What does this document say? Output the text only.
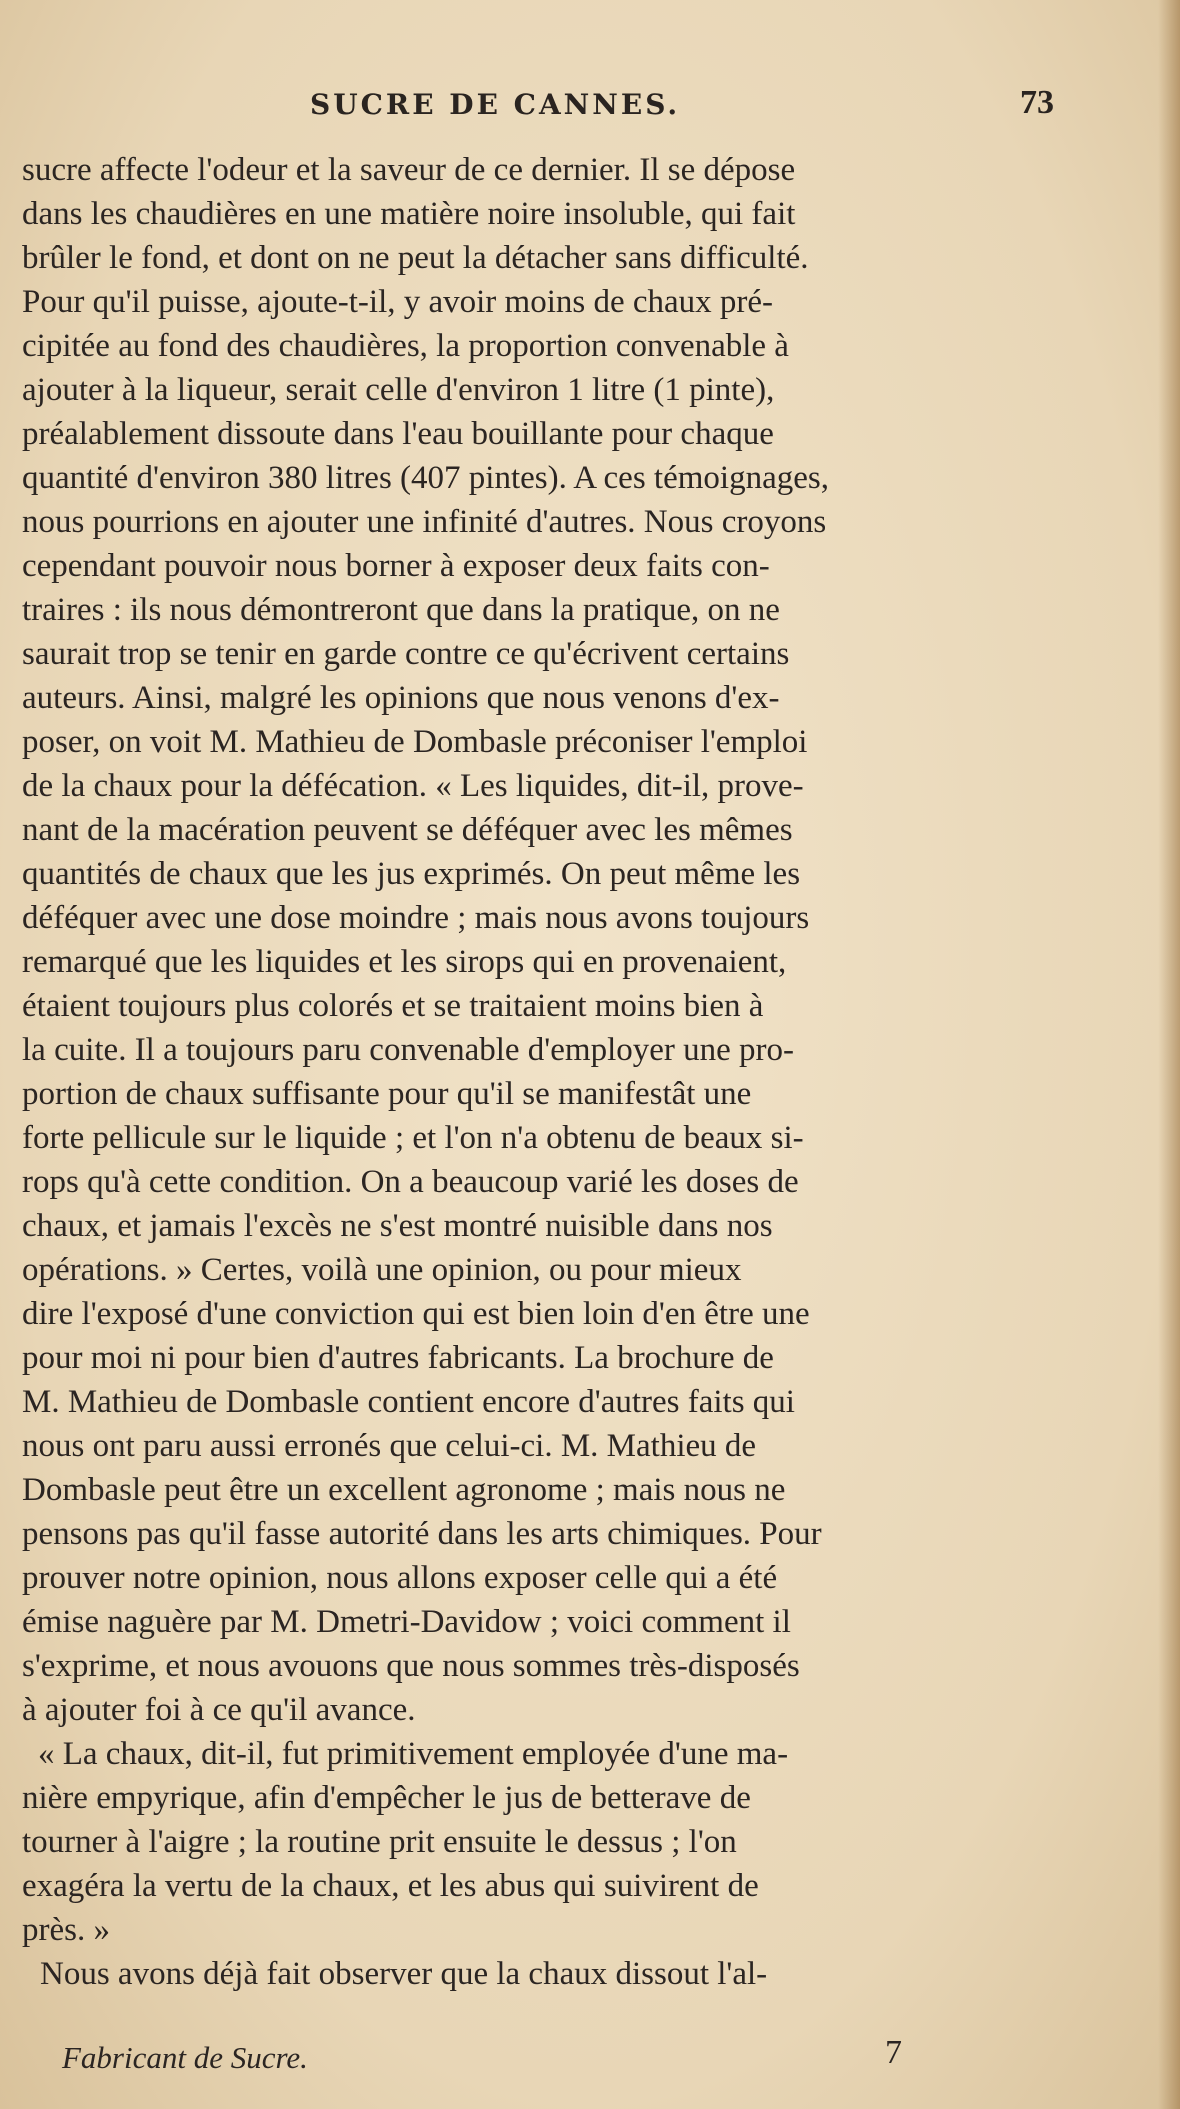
SUCRE DE CANNES.	73
sucre affecte l'odeur et la saveur de ce dernier. Il se dépose
dans les chaudières en une matière noire insoluble, qui fait
brûler le fond, et dont on ne peut la détacher sans difficulté.
Pour qu'il puisse, ajoute-t-il, y avoir moins de chaux pré-
cipitée au fond des chaudières, la proportion convenable à
ajouter à la liqueur, serait celle d'environ 1 litre (1 pinte),
préalablement dissoute dans l'eau bouillante pour chaque
quantité d'environ 380 litres (407 pintes). A ces témoignages,
nous pourrions en ajouter une infinité d'autres. Nous croyons
cependant pouvoir nous borner à exposer deux faits con-
traires : ils nous démontreront que dans la pratique, on ne
saurait trop se tenir en garde contre ce qu'écrivent certains
auteurs. Ainsi, malgré les opinions que nous venons d'ex-
poser, on voit M. Mathieu de Dombasle préconiser l'emploi
de la chaux pour la défécation. « Les liquides, dit-il, prove-
nant de la macération peuvent se déféquer avec les mêmes
quantités de chaux que les jus exprimés. On peut même les
déféquer avec une dose moindre ; mais nous avons toujours
remarqué que les liquides et les sirops qui en provenaient,
étaient toujours plus colorés et se traitaient moins bien à
la cuite. Il a toujours paru convenable d'employer une pro-
portion de chaux suffisante pour qu'il se manifestât une
forte pellicule sur le liquide ; et l'on n'a obtenu de beaux si-
rops qu'à cette condition. On a beaucoup varié les doses de
chaux, et jamais l'excès ne s'est montré nuisible dans nos
opérations. » Certes, voilà une opinion, ou pour mieux
dire l'exposé d'une conviction qui est bien loin d'en être une
pour moi ni pour bien d'autres fabricants. La brochure de
M. Mathieu de Dombasle contient encore d'autres faits qui
nous ont paru aussi erronés que celui-ci. M. Mathieu de
Dombasle peut être un excellent agronome ; mais nous ne
pensons pas qu'il fasse autorité dans les arts chimiques. Pour
prouver notre opinion, nous allons exposer celle qui a été
émise naguère par M. Dmetri-Davidow ; voici comment il
s'exprime, et nous avouons que nous sommes très-disposés
à ajouter foi à ce qu'il avance.
« La chaux, dit-il, fut primitivement employée d'une ma-
nière empyrique, afin d'empêcher le jus de betterave de
tourner à l'aigre ; la routine prit ensuite le dessus ; l'on
exagéra la vertu de la chaux, et les abus qui suivirent de
près. »
Nous avons déjà fait observer que la chaux dissout l'al-
Fabricant de Sucre.	7
